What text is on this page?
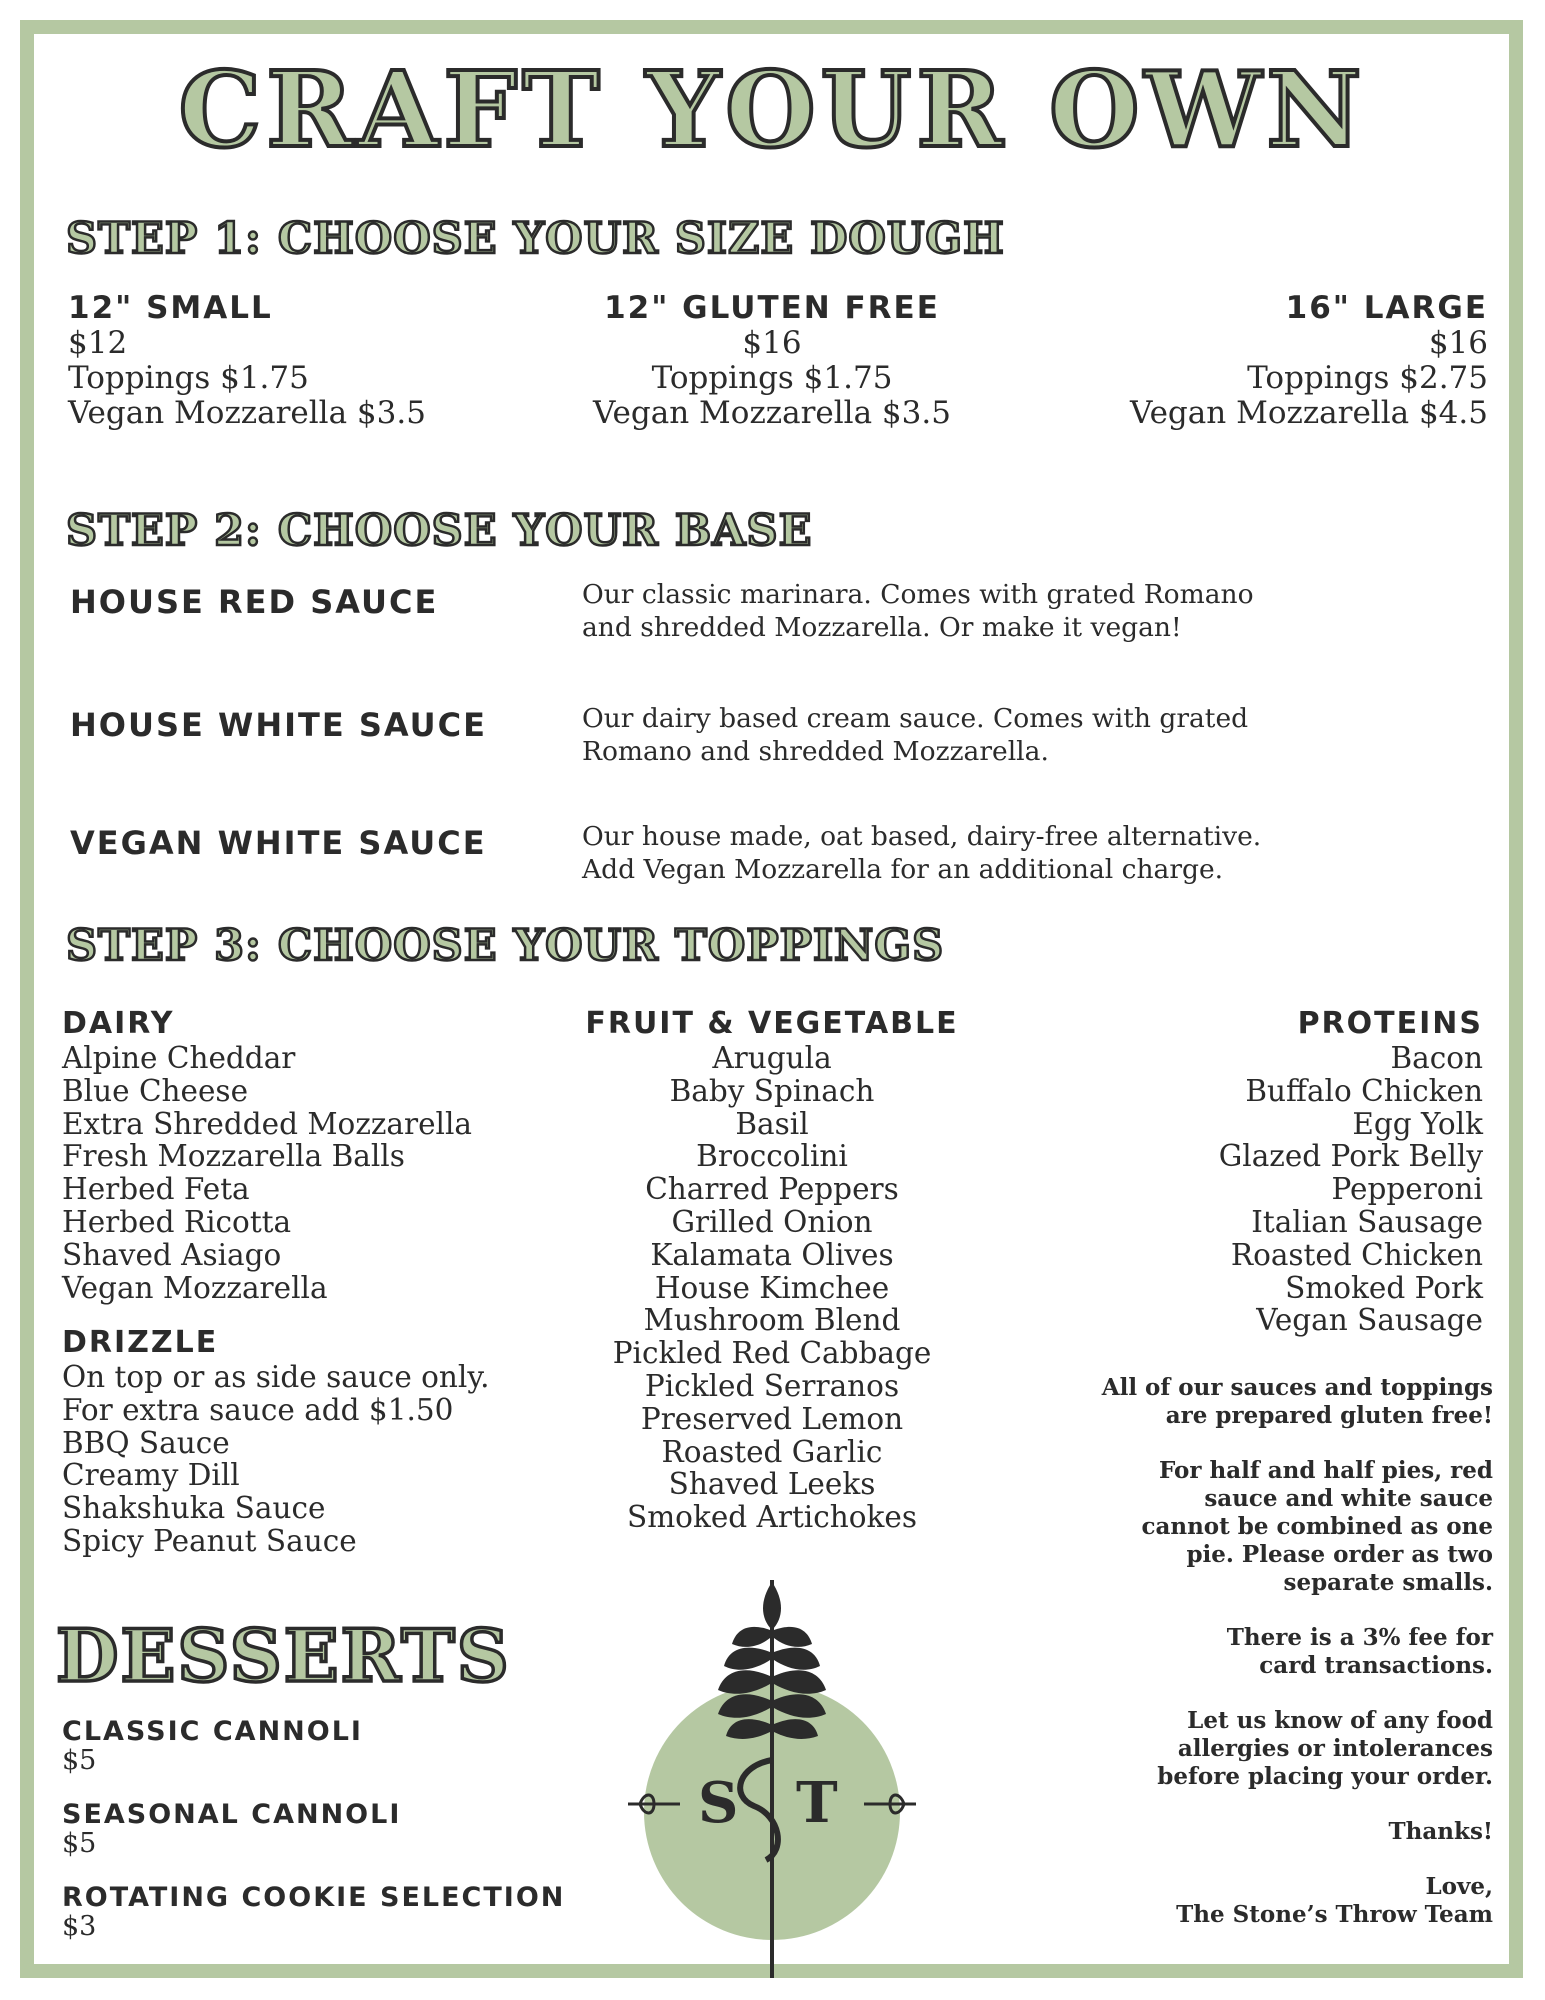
CRAFT YOUR OWN
STEP 1: CHOOSE YOUR SIZE DOUGH
12" SMALL
$12
Toppings $1.75
Vegan Mozzarella $3.5
12" GLUTEN FREE
$16
Toppings $1.75
Vegan Mozzarella $3.5
16" LARGE
$16
Toppings $2.75
Vegan Mozzarella $4.5
STEP 2: CHOOSE YOUR BASE
HOUSE RED SAUCE	Our classic marinara. Comes with grated Romano
and shredded Mozzarella. Or make it vegan!
HOUSE WHITE SAUCE	Our dairy based cream sauce. Comes with grated
Romano and shredded Mozzarella.
VEGAN WHITE SAUCE	Our house made, oat based, dairy-free alternative.
Add Vegan Mozzarella for an additional charge.
STEP 3: CHOOSE YOUR TOPPINGS
DAIRY
Alpine Cheddar
Blue Cheese
Extra Shredded Mozzarella
Fresh Mozzarella Balls
Herbed Feta
Herbed Ricotta
Shaved Asiago
Vegan Mozzarella
DRIZZLE
On top or as side sauce only.
For extra sauce add $1.50
BBQ Sauce
Creamy Dill
Shakshuka Sauce
Spicy Peanut Sauce
FRUIT & VEGETABLE
Arugula
Baby Spinach
Basil
Broccolini
Charred Peppers
Grilled Onion
Kalamata Olives
House Kimchee
Mushroom Blend
Pickled Red Cabbage
Pickled Serranos
Preserved Lemon
Roasted Garlic
Shaved Leeks
Smoked Artichokes
PROTEINS
Bacon
Buffalo Chicken
Egg Yolk
Glazed Pork Belly
Pepperoni
Italian Sausage
Roasted Chicken
Smoked Pork
Vegan Sausage

All of our sauces and toppings
are prepared gluten free!

For half and half pies, red
sauce and white sauce
cannot be combined as one
pie. Please order as two
separate smalls.

There is a 3% fee for
card transactions.

Let us know of any food
allergies or intolerances
before placing your order.

Thanks!

Love,
The Stone’s Throw Team

DESSERTS
CLASSIC CANNOLI
$5
SEASONAL CANNOLI
$5
ROTATING COOKIE SELECTION
$3
S T
